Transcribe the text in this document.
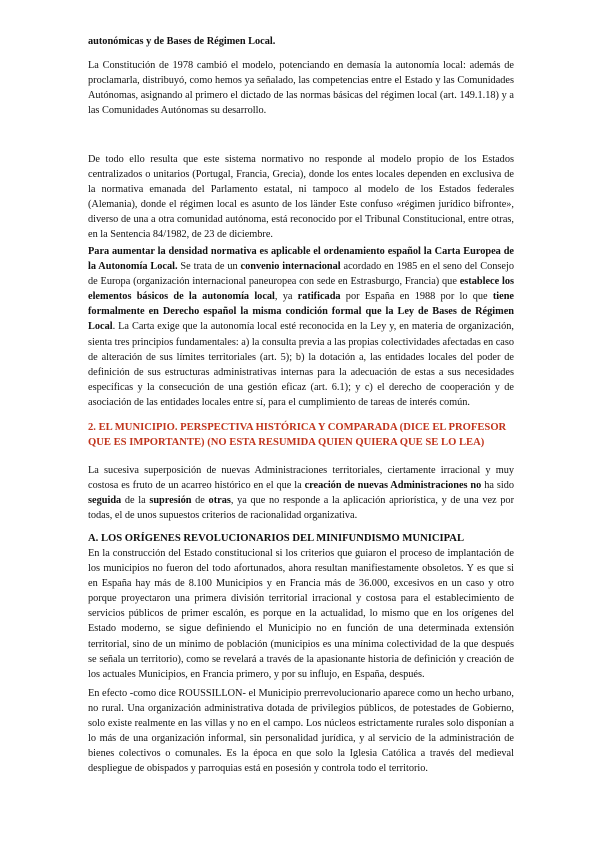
autonómicas y de Bases de Régimen Local.

La Constitución de 1978 cambió el modelo, potenciando en demasía la autonomía local: además de proclamarla, distribuyó, como hemos ya señalado, las competencias entre el Estado y las Comunidades Autónomas, asignando al primero el dictado de las normas básicas del régimen local (art. 149.1.18) y a las Comunidades Autónomas su desarrollo.

De todo ello resulta que este sistema normativo no responde al modelo propio de los Estados centralizados o unitarios (Portugal, Francia, Grecia), donde los entes locales dependen en exclusiva de la normativa emanada del Parlamento estatal, ni tampoco al modelo de los Estados federales (Alemania), donde el régimen local es asunto de los länder Este confuso «régimen jurídico bifronte», diverso de una a otra comunidad autónoma, está reconocido por el Tribunal Constitucional, entre otras, en la Sentencia 84/1982, de 23 de diciembre.

Para aumentar la densidad normativa es aplicable el ordenamiento español la Carta Europea de la Autonomía Local. Se trata de un convenio internacional acordado en 1985 en el seno del Consejo de Europa (organización internacional paneuropea con sede en Estrasburgo, Francia) que establece los elementos básicos de la autonomía local, ya ratificada por España en 1988 por lo que tiene formalmente en Derecho español la misma condición formal que la Ley de Bases de Régimen Local. La Carta exige que la autonomía local esté reconocida en la Ley y, en materia de organización, sienta tres principios fundamentales: a) la consulta previa a las propias colectividades afectadas en caso de alteración de sus límites territoriales (art. 5); b) la dotación a, las entidades locales del poder de definición de sus estructuras administrativas internas para la adecuación de estas a sus necesidades específicas y la consecución de una gestión eficaz (art. 6.1); y c) el derecho de cooperación y de asociación de las entidades locales entre sí, para el cumplimiento de tareas de interés común.

2. EL MUNICIPIO. PERSPECTIVA HISTÓRICA Y COMPARADA (DICE EL PROFESOR QUE ES IMPORTANTE) (NO ESTA RESUMIDA QUIEN QUIERA QUE SE LO LEA)

La sucesiva superposición de nuevas Administraciones territoriales, ciertamente irracional y muy costosa es fruto de un acarreo histórico en el que la creación de nuevas Administraciones no ha sido seguida de la supresión de otras, ya que no responde a la aplicación apriorística, y de una vez por todas, el de unos supuestos criterios de racionalidad organizativa.

A. LOS ORÍGENES REVOLUCIONARIOS DEL MINIFUNDISMO MUNICIPAL

En la construcción del Estado constitucional si los criterios que guiaron el proceso de implantación de los municipios no fueron del todo afortunados, ahora resultan manifiestamente obsoletos. Y es que si en España hay más de 8.100 Municipios y en Francia más de 36.000, excesivos en un caso y otro porque proyectaron una primera división territorial irracional y costosa para el establecimiento de servicios públicos de primer escalón, es porque en la actualidad, lo mismo que en los orígenes del Estado moderno, se sigue definiendo el Municipio no en función de una determinada extensión territorial, sino de un mínimo de población (municipios es una mínima colectividad de la que después se señala un territorio), como se revelará a través de la apasionante historia de definición y creación de los actuales Municipios, en Francia primero, y por su influjo, en España, después.

En efecto -como dice ROUSSILLON- el Municipio prerrevolucionario aparece como un hecho urbano, no rural. Una organización administrativa dotada de privilegios públicos, de potestades de Gobierno, solo existe realmente en las villas y no en el campo. Los núcleos estrictamente rurales solo disponían a lo más de una organización informal, sin personalidad jurídica, y al servicio de la administración de bienes colectivos o comunales. Es la época en que solo la Iglesia Católica a través del medieval despliegue de obispados y parroquias está en posesión y controla todo el territorio.
